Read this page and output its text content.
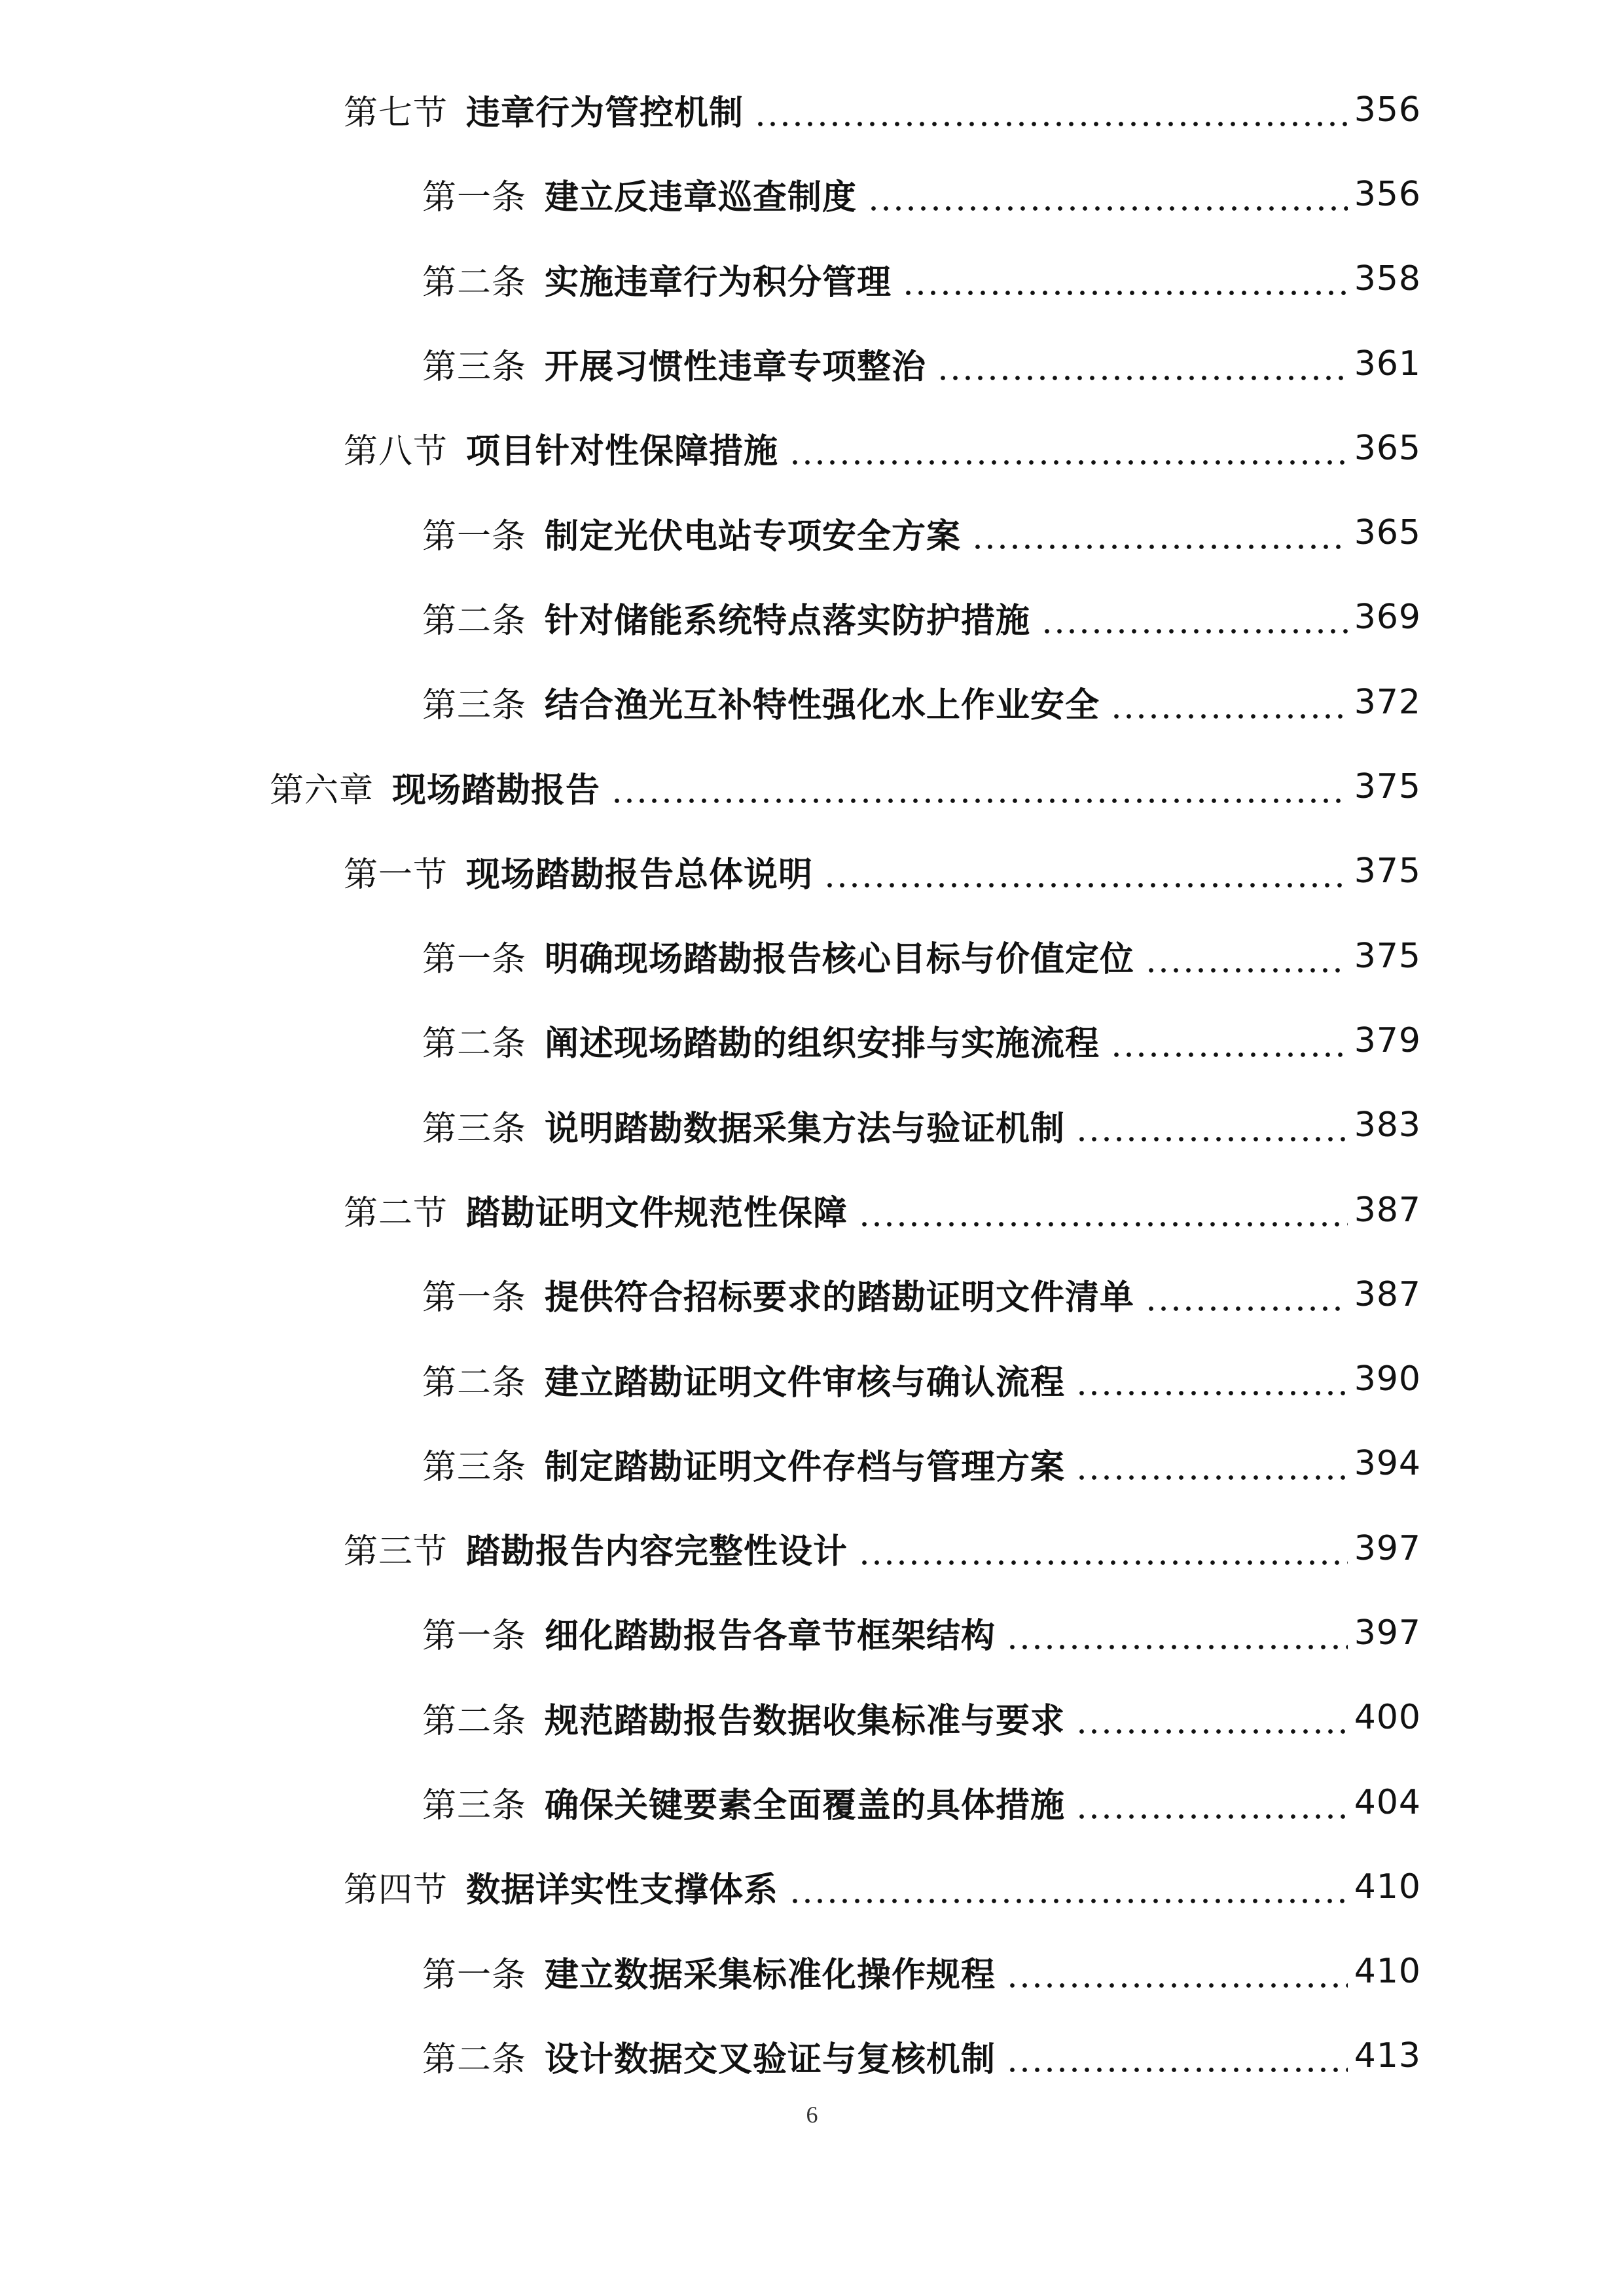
第七节 违章行为管控机制	356
第一条 建立反违章巡查制度	356
第二条 实施违章行为积分管理	358
第三条 开展习惯性违章专项整治	361
第八节 项目针对性保障措施	365
第一条 制定光伏电站专项安全方案	365
第二条 针对储能系统特点落实防护措施	369
第三条 结合渔光互补特性强化水上作业安全	372
第六章 现场踏勘报告	375
第一节 现场踏勘报告总体说明	375
第一条 明确现场踏勘报告核心目标与价值定位	375
第二条 阐述现场踏勘的组织安排与实施流程	379
第三条 说明踏勘数据采集方法与验证机制	383
第二节 踏勘证明文件规范性保障	387
第一条 提供符合招标要求的踏勘证明文件清单	387
第二条 建立踏勘证明文件审核与确认流程	390
第三条 制定踏勘证明文件存档与管理方案	394
第三节 踏勘报告内容完整性设计	397
第一条 细化踏勘报告各章节框架结构	397
第二条 规范踏勘报告数据收集标准与要求	400
第三条 确保关键要素全面覆盖的具体措施	404
第四节 数据详实性支撑体系	410
第一条 建立数据采集标准化操作规程	410
第二条 设计数据交叉验证与复核机制	413
6
